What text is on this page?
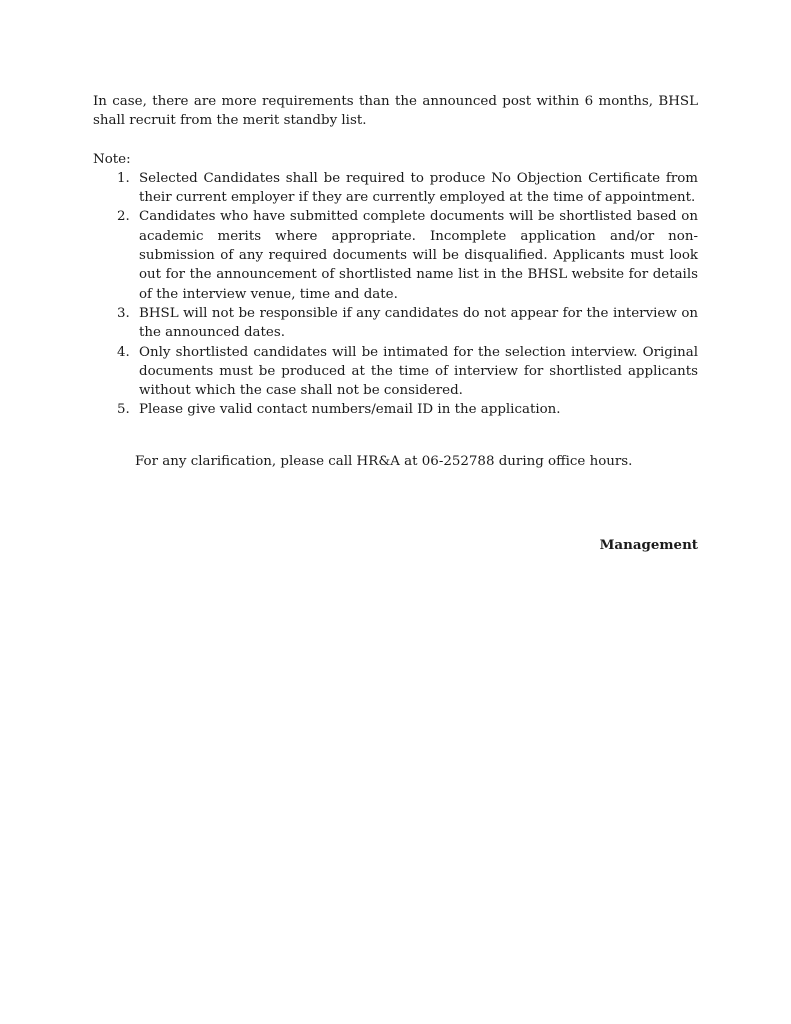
In case, there are more requirements than the announced post within 6 months, BHSL shall recruit from the merit standby list.

Note:

Selected Candidates shall be required to produce No Objection Certificate from their current employer if they are currently employed at the time of appointment.
Candidates who have submitted complete documents will be shortlisted based on academic merits where appropriate. Incomplete application and/or non-submission of any required documents will be disqualified. Applicants must look out for the announcement of shortlisted name list in the BHSL website for details of the interview venue, time and date.
BHSL will not be responsible if any candidates do not appear for the interview on the announced dates.
Only shortlisted candidates will be intimated for the selection interview. Original documents must be produced at the time of interview for shortlisted applicants without which the case shall not be considered.
Please give valid contact numbers/email ID in the application.

For any clarification, please call HR&A at 06-252788 during office hours.

Management
